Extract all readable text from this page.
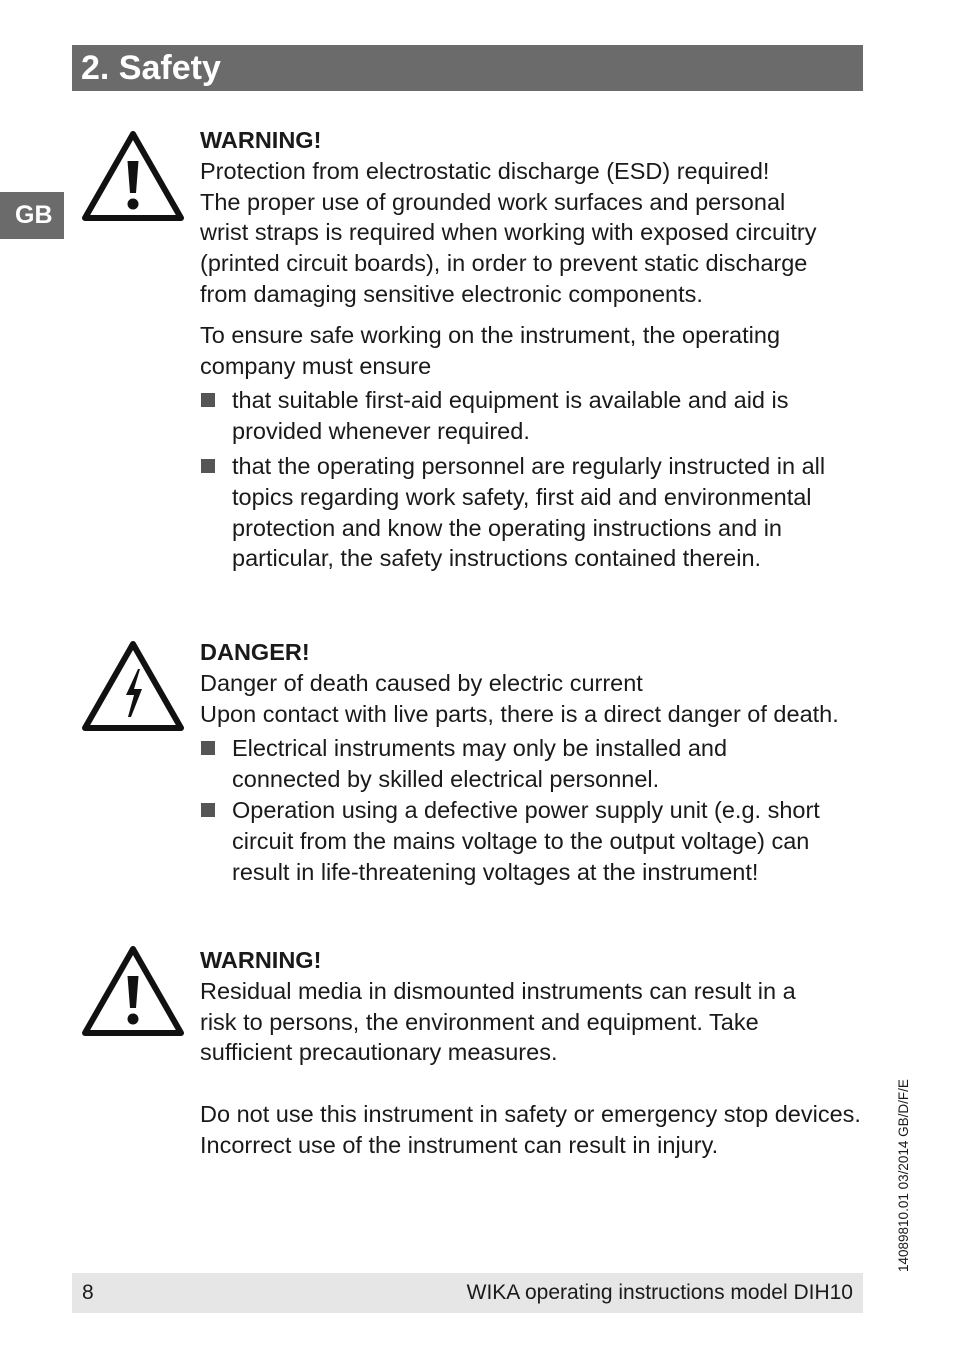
2. Safety
GB

WARNING!

Protection from electrostatic discharge (ESD) required!

The proper use of grounded work surfaces and personal

wrist straps is required when working with exposed circuitry

(printed circuit boards), in order to prevent static discharge

from damaging sensitive electronic components.

To ensure safe working on the instrument, the operating company must ensure

that suitable first-aid equipment is available and aid is provided whenever required.
that the operating personnel are regularly instructed in all topics regarding work safety, first aid and environmental protection and know the operating instructions and in particular, the safety instructions contained therein.

DANGER!

Danger of death caused by electric current

Upon contact with live parts, there is a direct danger of death.

Electrical instruments may only be installed and connected by skilled electrical personnel.
Operation using a defective power supply unit (e.g. short circuit from the mains voltage to the output voltage) can result in life-threatening voltages at the instrument!

WARNING!

Residual media in dismounted instruments can result in a risk to persons, the environment and equipment. Take sufficient precautionary measures.

Do not use this instrument in safety or emergency stop devices. Incorrect use of the instrument can result in injury.	14089810.01 03/2014 GB/D/F/E
8	WIKA operating instructions model DIH10
